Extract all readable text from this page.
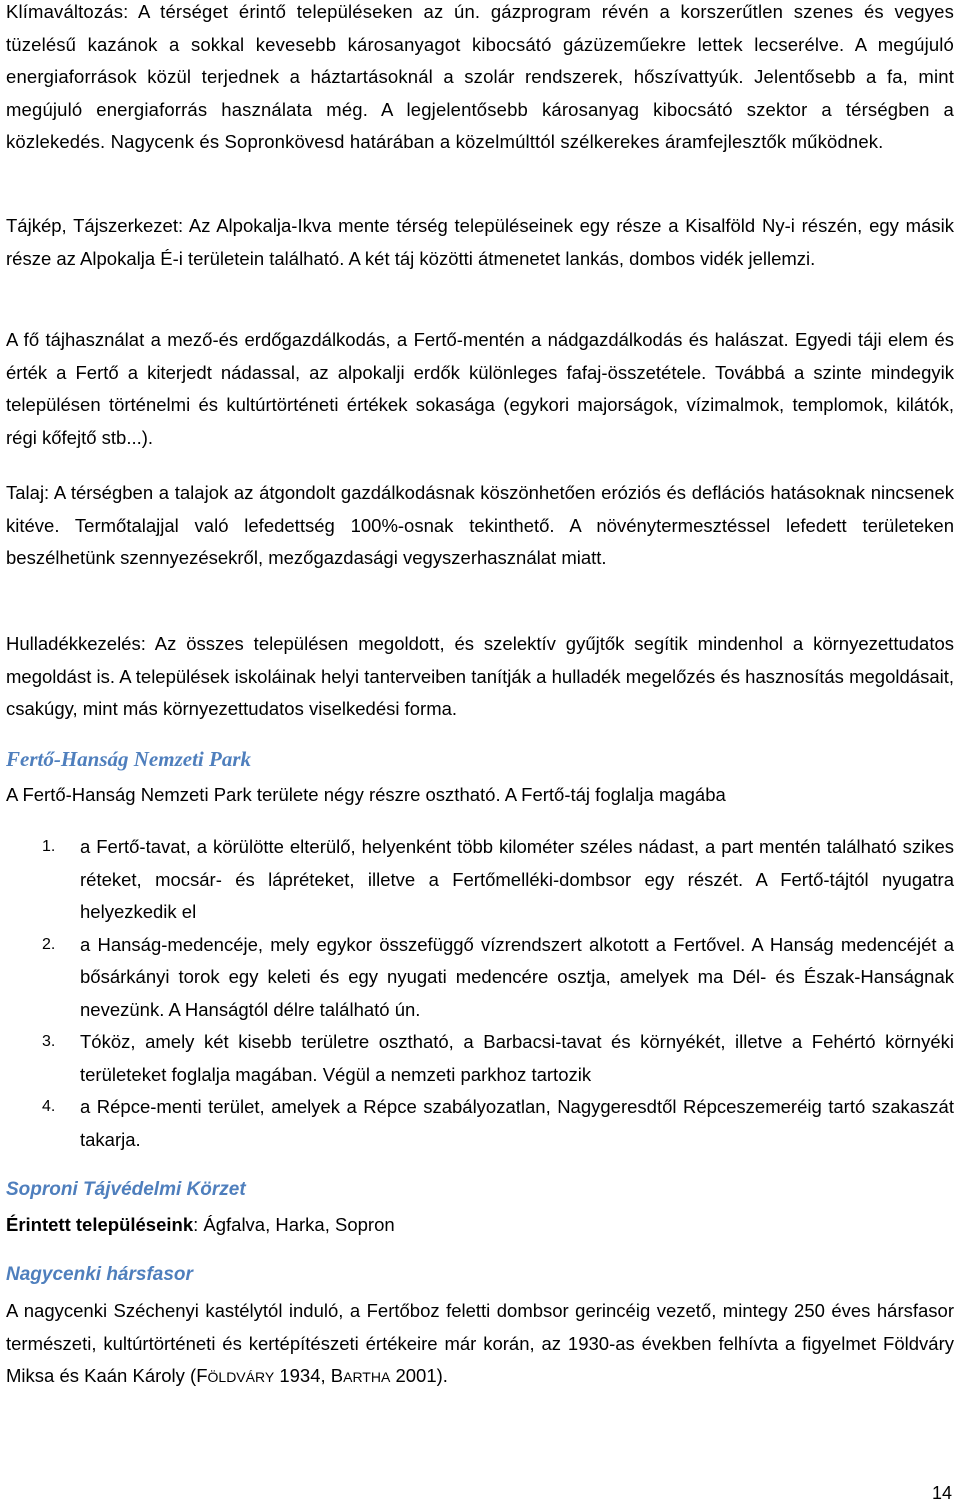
Klímaváltozás: A térséget érintő településeken az ún. gázprogram révén a korszerűtlen szenes és vegyes tüzelésű kazánok a sokkal kevesebb károsanyagot kibocsátó gázüzeműekre lettek lecserélve. A megújuló energiaforrások közül terjednek a háztartásoknál a szolár rendszerek, hőszívattyúk. Jelentősebb a fa, mint megújuló energiaforrás használata még. A legjelentősebb károsanyag kibocsátó szektor a térségben a közlekedés. Nagycenk és Sopronkövesd határában a közelmúlttól szélkerekes áramfejlesztők működnek.

Tájkép, Tájszerkezet: Az Alpokalja-Ikva mente térség településeinek egy része a Kisalföld Ny-i részén, egy másik része az Alpokalja É-i területein található. A két táj közötti átmenetet lankás, dombos vidék jellemzi.

A fő tájhasználat a mező-és erdőgazdálkodás, a Fertő-mentén a nádgazdálkodás és halászat. Egyedi táji elem és érték a Fertő a kiterjedt nádassal, az alpokalji erdők különleges fafaj-összetétele. Továbbá a szinte mindegyik településen történelmi és kultúrtörténeti értékek sokasága (egykori majorságok, vízimalmok, templomok, kilátók, régi kőfejtő stb...).

Talaj: A térségben a talajok az átgondolt gazdálkodásnak köszönhetően eróziós és deflációs hatásoknak nincsenek kitéve. Termőtalajjal való lefedettség 100%-osnak tekinthető. A növénytermesztéssel lefedett területeken beszélhetünk szennyezésekről, mezőgazdasági vegyszerhasználat miatt.

Hulladékkezelés: Az összes településen megoldott, és szelektív gyűjtők segítik mindenhol a környezettudatos megoldást is. A települések iskoláinak helyi tanterveiben tanítják a hulladék megelőzés és hasznosítás megoldásait, csakúgy, mint más környezettudatos viselkedési forma.

Fertő-Hanság Nemzeti Park

A Fertő-Hanság Nemzeti Park területe négy részre osztható. A Fertő-táj foglalja magába

1. a Fertő-tavat, a körülötte elterülő, helyenként több kilométer széles nádast, a part mentén található szikes réteket, mocsár- és lápréteket, illetve a Fertőmelléki-dombsor egy részét. A Fertő-tájtól nyugatra helyezkedik el

2. a Hanság-medencéje, mely egykor összefüggő vízrendszert alkotott a Fertővel. A Hanság medencéjét a bősárkányi torok egy keleti és egy nyugati medencére osztja, amelyek ma Dél- és Észak-Hanságnak nevezünk. A Hanságtól délre található ún.

3. Tóköz, amely két kisebb területre osztható, a Barbacsi-tavat és környékét, illetve a Fehértó környéki területeket foglalja magában. Végül a nemzeti parkhoz tartozik

4. a Répce-menti terület, amelyek a Répce szabályozatlan, Nagygeresdtől Répceszemeréig tartó szakaszát takarja.

Soproni Tájvédelmi Körzet

Érintett településeink: Ágfalva, Harka, Sopron

Nagycenki hársfasor

A nagycenki Széchenyi kastélytól induló, a Fertőboz feletti dombsor gerincéig vezető, mintegy 250 éves hársfasor természeti, kultúrtörténeti és kertépítészeti értékeire már korán, az 1930-as években felhívta a figyelmet Földváry Miksa és Kaán Károly (FÖLDVÁRY 1934, BARTHA 2001).

14
